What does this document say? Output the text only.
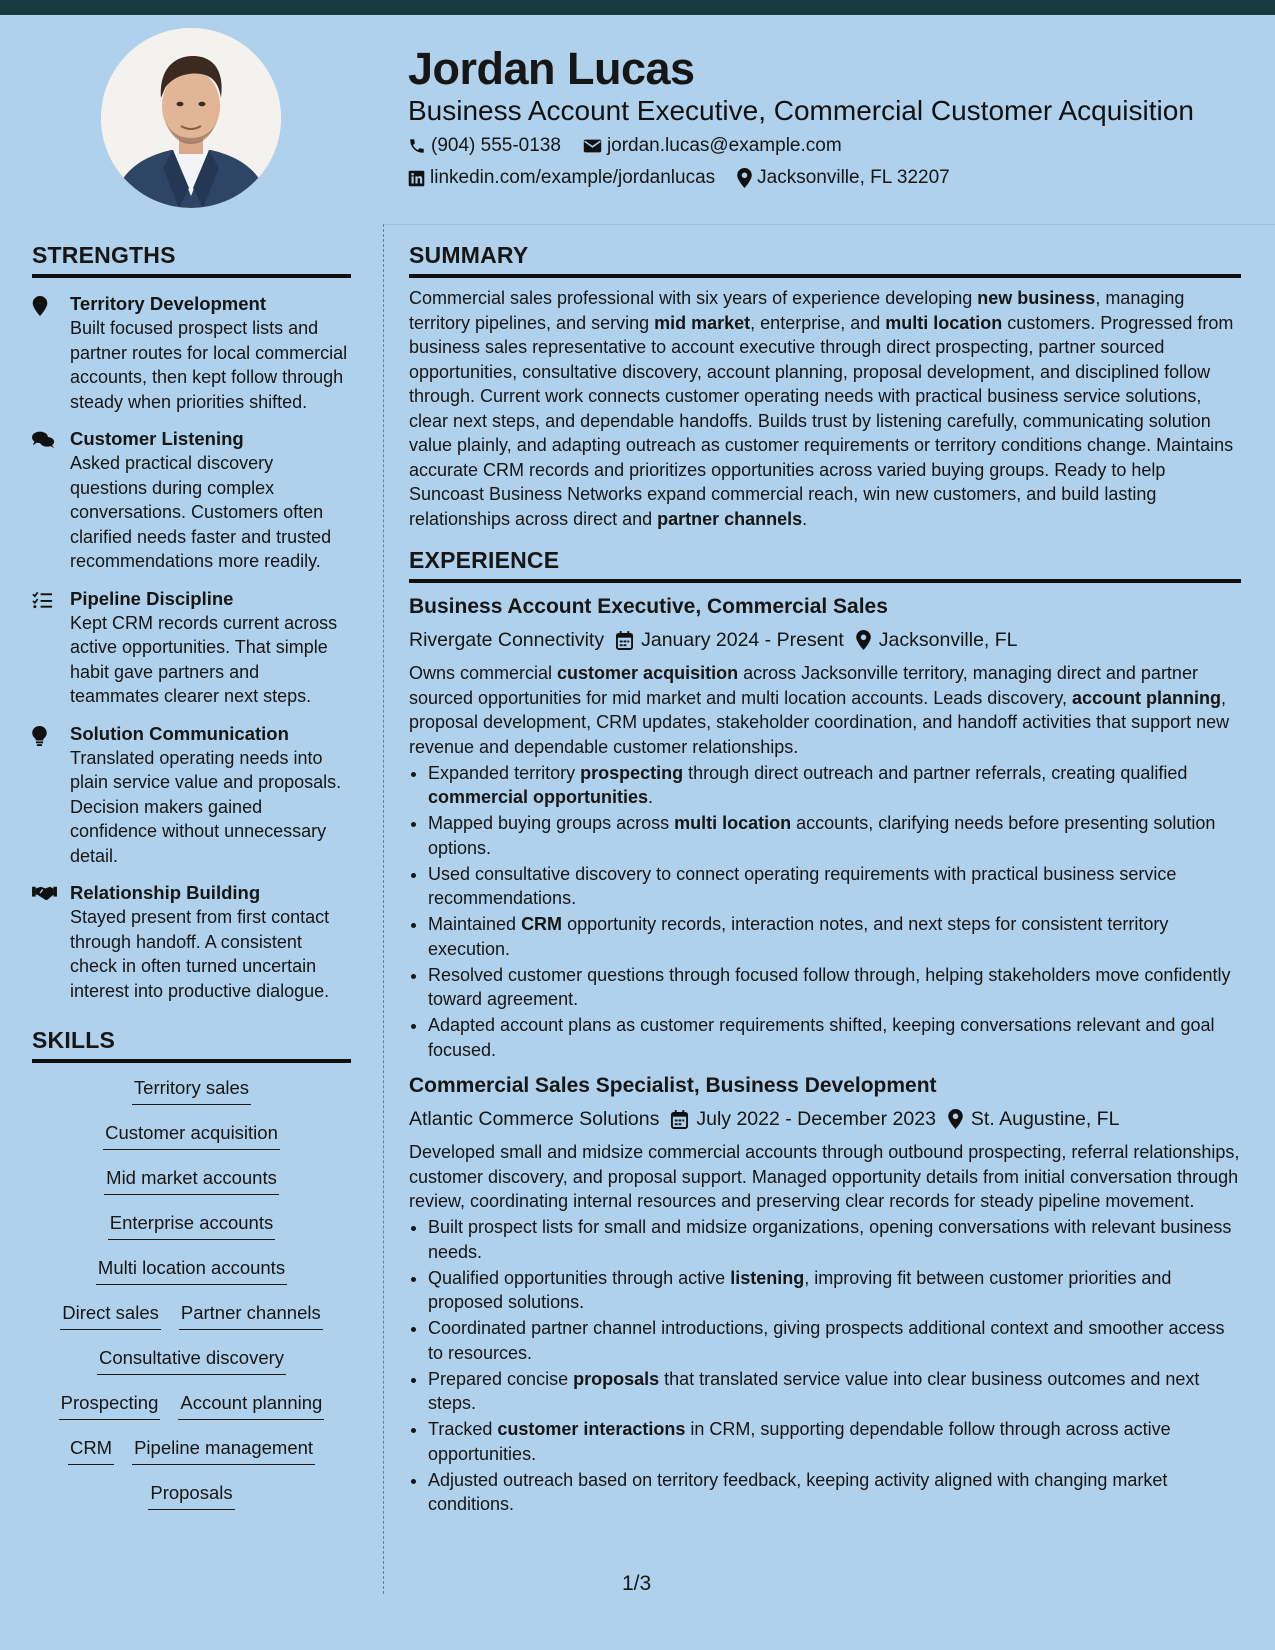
Jordan Lucas

Business Account Executive, Commercial Customer Acquisition

(904) 555-0138 jordan.lucas@example.com
linkedin.com/example/jordanlucas Jacksonville, FL 32207
STRENGTHS

Territory Development

Built focused prospect lists and partner routes for local commercial accounts, then kept follow through steady when priorities shifted.

Customer Listening

Asked practical discovery questions during complex conversations. Customers often clarified needs faster and trusted recommendations more readily.

Pipeline Discipline

Kept CRM records current across active opportunities. That simple habit gave partners and teammates clearer next steps.

Solution Communication

Translated operating needs into plain service value and proposals. Decision makers gained confidence without unnecessary detail.

Relationship Building

Stayed present from first contact through handoff. A consistent check in often turned uncertain interest into productive dialogue.

SKILLS
Territory sales
Customer acquisition
Mid market accounts
Enterprise accounts
Multi location accounts
Direct sales Partner channels
Consultative discovery
Prospecting Account planning
CRM Pipeline management
Proposals
SUMMARY

Commercial sales professional with six years of experience developing new business, managing territory pipelines, and serving mid market, enterprise, and multi location customers. Progressed from business sales representative to account executive through direct prospecting, partner sourced opportunities, consultative discovery, account planning, proposal development, and disciplined follow through. Current work connects customer operating needs with practical business service solutions, clear next steps, and dependable handoffs. Builds trust by listening carefully, communicating solution value plainly, and adapting outreach as customer requirements or territory conditions change. Maintains accurate CRM records and prioritizes opportunities across varied buying groups. Ready to help Suncoast Business Networks expand commercial reach, win new customers, and build lasting relationships across direct and partner channels.

EXPERIENCE

Business Account Executive, Commercial Sales

Rivergate Connectivity January 2024 - Present Jacksonville, FL

Owns commercial customer acquisition across Jacksonville territory, managing direct and partner sourced opportunities for mid market and multi location accounts. Leads discovery, account planning, proposal development, CRM updates, stakeholder coordination, and handoff activities that support new revenue and dependable customer relationships.

• Expanded territory prospecting through direct outreach and partner referrals, creating qualified commercial opportunities.
• Mapped buying groups across multi location accounts, clarifying needs before presenting solution options.
• Used consultative discovery to connect operating requirements with practical business service recommendations.
• Maintained CRM opportunity records, interaction notes, and next steps for consistent territory execution.
• Resolved customer questions through focused follow through, helping stakeholders move confidently toward agreement.
• Adapted account plans as customer requirements shifted, keeping conversations relevant and goal focused.

Commercial Sales Specialist, Business Development

Atlantic Commerce Solutions July 2022 - December 2023 St. Augustine, FL

Developed small and midsize commercial accounts through outbound prospecting, referral relationships, customer discovery, and proposal support. Managed opportunity details from initial conversation through review, coordinating internal resources and preserving clear records for steady pipeline movement.

• Built prospect lists for small and midsize organizations, opening conversations with relevant business needs.
• Qualified opportunities through active listening, improving fit between customer priorities and proposed solutions.
• Coordinated partner channel introductions, giving prospects additional context and smoother access to resources.
• Prepared concise proposals that translated service value into clear business outcomes and next steps.
• Tracked customer interactions in CRM, supporting dependable follow through across active opportunities.
• Adjusted outreach based on territory feedback, keeping activity aligned with changing market conditions.
1/3
